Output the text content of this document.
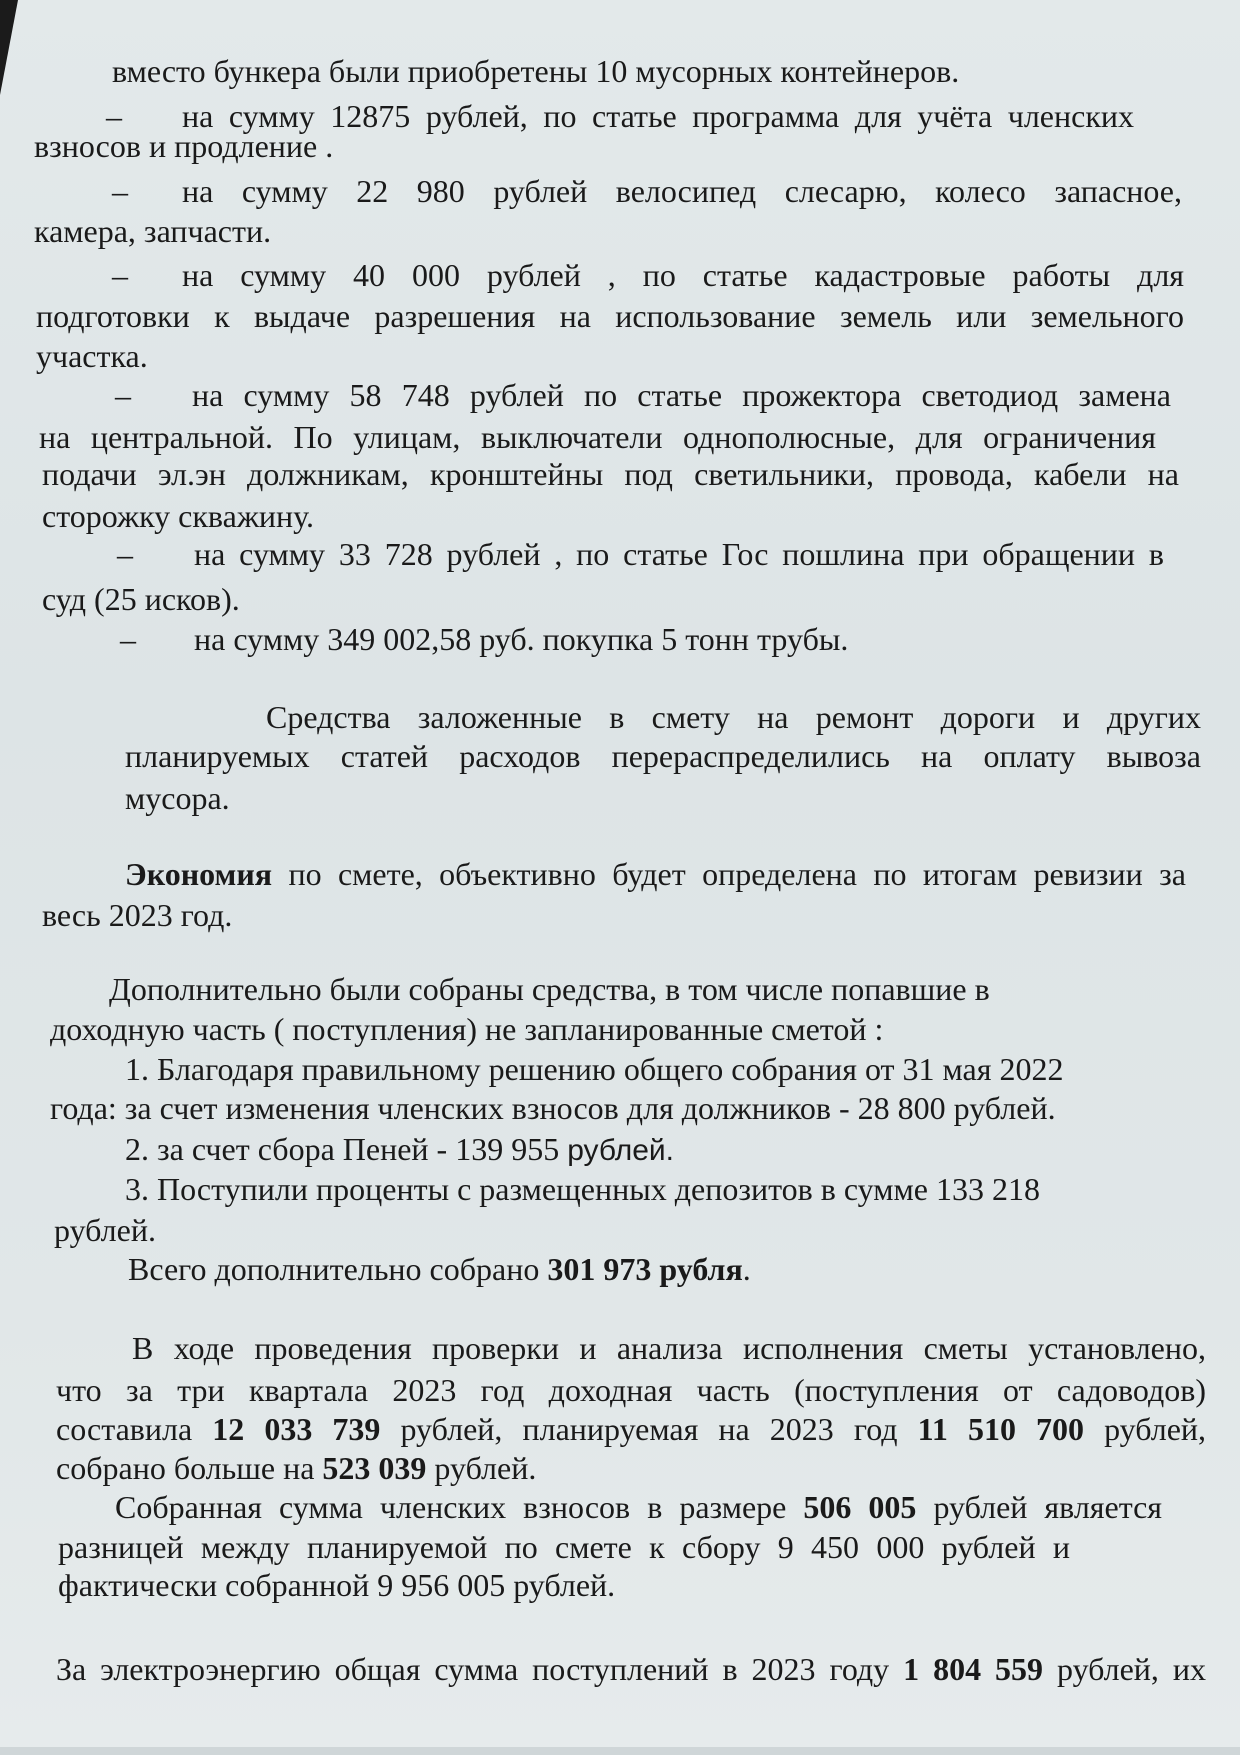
вместо бункера были приобретены 10 мусорных контейнеров.
– на сумму 12875 рублей, по статье программа для учёта членских
взносов и продление .
– на сумму 22 980 рублей велосипед слесарю, колесо запасное,
камера, запчасти.
– на сумму 40 000 рублей , по статье кадастровые работы для
подготовки к выдаче разрешения на использование земель или земельного
участка.
– на сумму 58 748 рублей по статье прожектора светодиод замена
на центральной. По улицам, выключатели однополюсные, для ограничения
подачи эл.эн должникам, кронштейны под светильники, провода, кабели на
сторожку скважину.
– на сумму 33 728 рублей , по статье Гос пошлина при обращении в
суд (25 исков).
– на сумму 349 002,58 руб. покупка 5 тонн трубы.
Средства заложенные в смету на ремонт дороги и других
планируемых статей расходов перераспределились на оплату вывоза
мусора.
Экономия по смете, объективно будет определена по итогам ревизии за
весь 2023 год.
Дополнительно были собраны средства, в том числе попавшие в
доходную часть ( поступления) не запланированные сметой :
1. Благодаря правильному решению общего собрания от 31 мая 2022
года: за счет изменения членских взносов для должников - 28 800 рублей.
2. за счет сбора Пеней - 139 955 рублей.
3. Поступили проценты с размещенных депозитов в сумме 133 218
рублей.
Всего дополнительно собрано 301 973 рубля.
В ходе проведения проверки и анализа исполнения сметы установлено,
что за три квартала 2023 год доходная часть (поступления от садоводов)
составила 12 033 739 рублей, планируемая на 2023 год 11 510 700 рублей,
собрано больше на 523 039 рублей.
Собранная сумма членских взносов в размере 506 005 рублей является
разницей между планируемой по смете к сбору 9 450 000 рублей и
фактически собранной 9 956 005 рублей.
За электроэнергию общая сумма поступлений в 2023 году 1 804 559 рублей, их
